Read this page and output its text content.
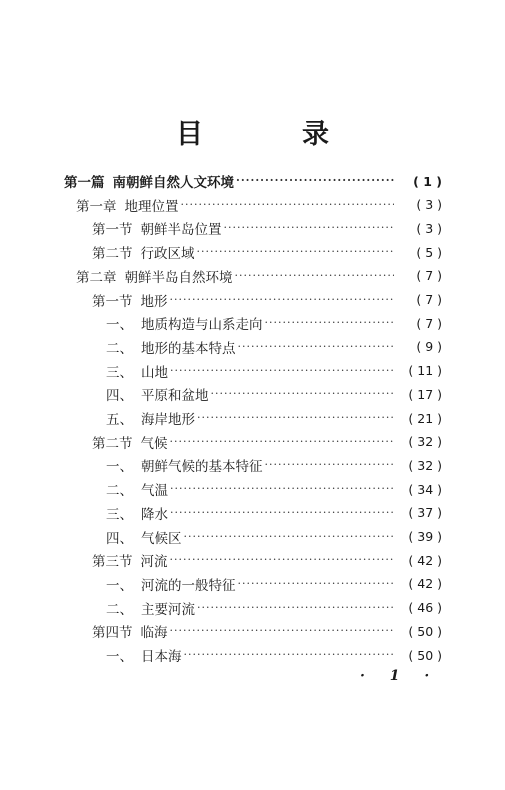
目　录
第一篇 南朝鲜自然人文环境 ·····	( 1 )
第一章 地理位置 ·····	( 3 )
第一节 朝鲜半岛位置 ·····	( 3 )
第二节 行政区域 ·····	( 5 )
第二章 朝鲜半岛自然环境 ·····	( 7 )
第一节 地形 ·····	( 7 )
一、 地质构造与山系走向 ·····	( 7 )
二、 地形的基本特点 ·····	( 9 )
三、 山地 ·····	( 11 )
四、 平原和盆地 ·····	( 17 )
五、 海岸地形 ·····	( 21 )
第二节 气候 ·····	( 32 )
一、 朝鲜气候的基本特征 ·····	( 32 )
二、 气温 ·····	( 34 )
三、 降水 ·····	( 37 )
四、 气候区 ·····	( 39 )
第三节 河流 ·····	( 42 )
一、 河流的一般特征 ·····	( 42 )
二、 主要河流 ·····	( 46 )
第四节 临海 ·····	( 50 )
一、 日本海 ·····	( 50 )
· 1 ·
